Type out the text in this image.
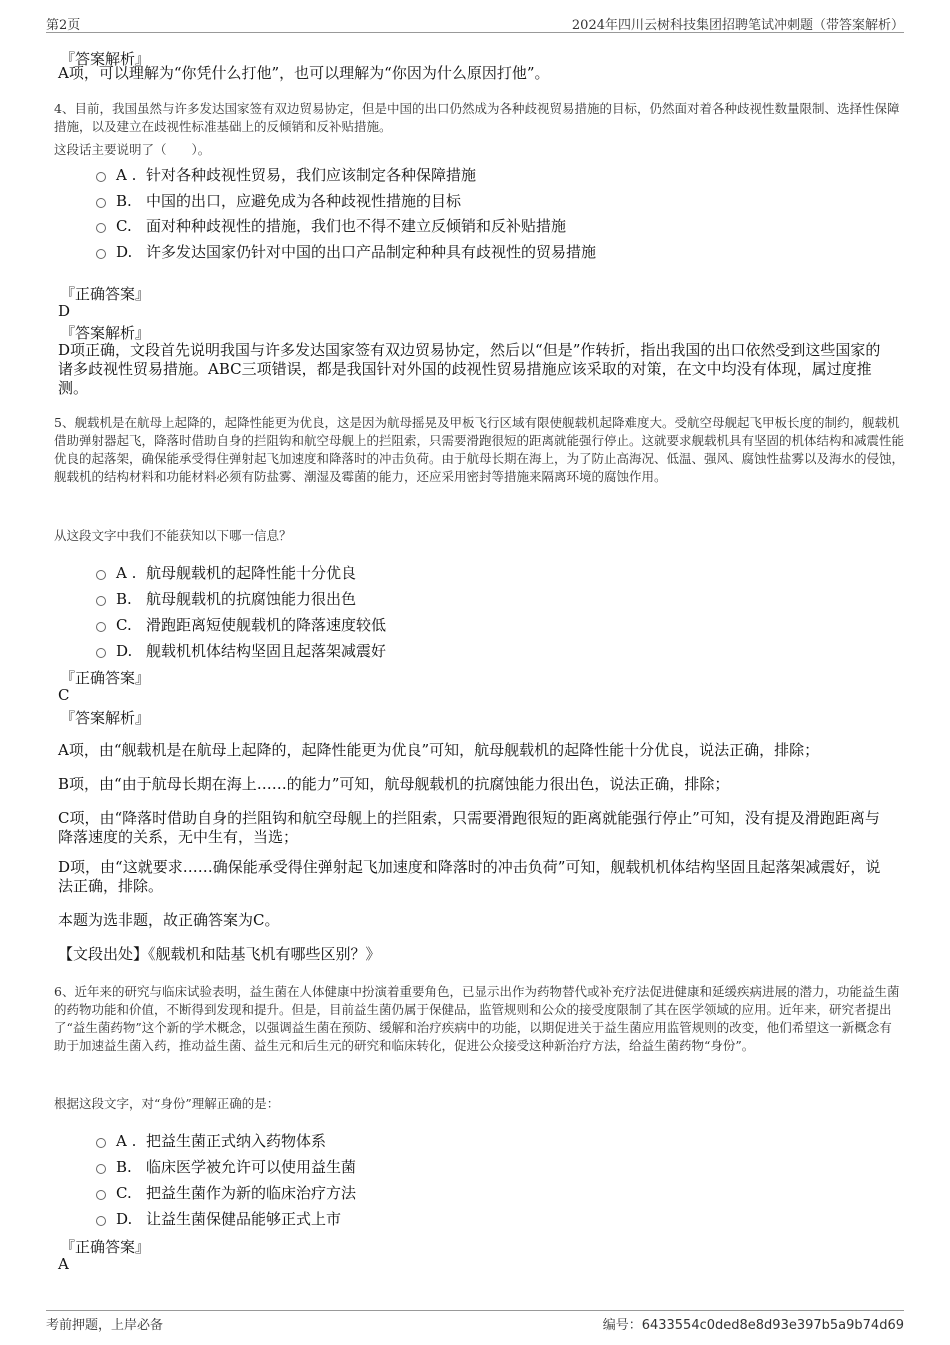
第2页	2024年四川云树科技集团招聘笔试冲刺题（带答案解析）
『答案解析』
A项，可以理解为“你凭什么打他”，也可以理解为“你因为什么原因打他”。
4、目前，我国虽然与许多发达国家签有双边贸易协定，但是中国的出口仍然成为各种歧视贸易措施的目标，仍然面对着各种歧视性数量限制、选择性保障措施，以及建立在歧视性标准基础上的反倾销和反补贴措施。
这段话主要说明了（　　）。
A . 针对各种歧视性贸易，我们应该制定各种保障措施
B. 中国的出口，应避免成为各种歧视性措施的目标
C. 面对种种歧视性的措施，我们也不得不建立反倾销和反补贴措施
D. 许多发达国家仍针对中国的出口产品制定种种具有歧视性的贸易措施
『正确答案』
D
『答案解析』
D项正确，文段首先说明我国与许多发达国家签有双边贸易协定，然后以“但是”作转折，指出我国的出口依然受到这些国家的诸多歧视性贸易措施。ABC三项错误，都是我国针对外国的歧视性贸易措施应该采取的对策，在文中均没有体现，属过度推测。
5、舰载机是在航母上起降的，起降性能更为优良，这是因为航母摇晃及甲板飞行区域有限使舰载机起降难度大。受航空母舰起飞甲板长度的制约，舰载机借助弹射器起飞，降落时借助自身的拦阻钩和航空母舰上的拦阻索，只需要滑跑很短的距离就能强行停止。这就要求舰载机具有坚固的机体结构和减震性能优良的起落架，确保能承受得住弹射起飞加速度和降落时的冲击负荷。由于航母长期在海上，为了防止高海况、低温、强风、腐蚀性盐雾以及海水的侵蚀，舰载机的结构材料和功能材料必须有防盐雾、潮湿及霉菌的能力，还应采用密封等措施来隔离环境的腐蚀作用。
从这段文字中我们不能获知以下哪一信息？
A . 航母舰载机的起降性能十分优良
B. 航母舰载机的抗腐蚀能力很出色
C. 滑跑距离短使舰载机的降落速度较低
D. 舰载机机体结构坚固且起落架减震好
『正确答案』
C
『答案解析』
A项，由“舰载机是在航母上起降的，起降性能更为优良”可知，航母舰载机的起降性能十分优良，说法正确，排除；
B项，由“由于航母长期在海上……的能力”可知，航母舰载机的抗腐蚀能力很出色，说法正确，排除；
C项，由“降落时借助自身的拦阻钩和航空母舰上的拦阻索，只需要滑跑很短的距离就能强行停止”可知，没有提及滑跑距离与降落速度的关系，无中生有，当选；
D项，由“这就要求……确保能承受得住弹射起飞加速度和降落时的冲击负荷”可知，舰载机机体结构坚固且起落架减震好，说法正确，排除。
本题为选非题，故正确答案为C。
【文段出处】《舰载机和陆基飞机有哪些区别？》
6、近年来的研究与临床试验表明，益生菌在人体健康中扮演着重要角色，已显示出作为药物替代或补充疗法促进健康和延缓疾病进展的潜力，功能益生菌的药物功能和价值，不断得到发现和提升。但是，目前益生菌仍属于保健品，监管规则和公众的接受度限制了其在医学领域的应用。近年来，研究者提出了“益生菌药物”这个新的学术概念，以强调益生菌在预防、缓解和治疗疾病中的功能，以期促进关于益生菌应用监管规则的改变，他们希望这一新概念有助于加速益生菌入药，推动益生菌、益生元和后生元的研究和临床转化，促进公众接受这种新治疗方法，给益生菌药物“身份”。
根据这段文字，对“身份”理解正确的是：
A . 把益生菌正式纳入药物体系
B. 临床医学被允许可以使用益生菌
C. 把益生菌作为新的临床治疗方法
D. 让益生菌保健品能够正式上市
『正确答案』
A
考前押题，上岸必备	编号：6433554c0ded8e8d93e397b5a9b74d69
